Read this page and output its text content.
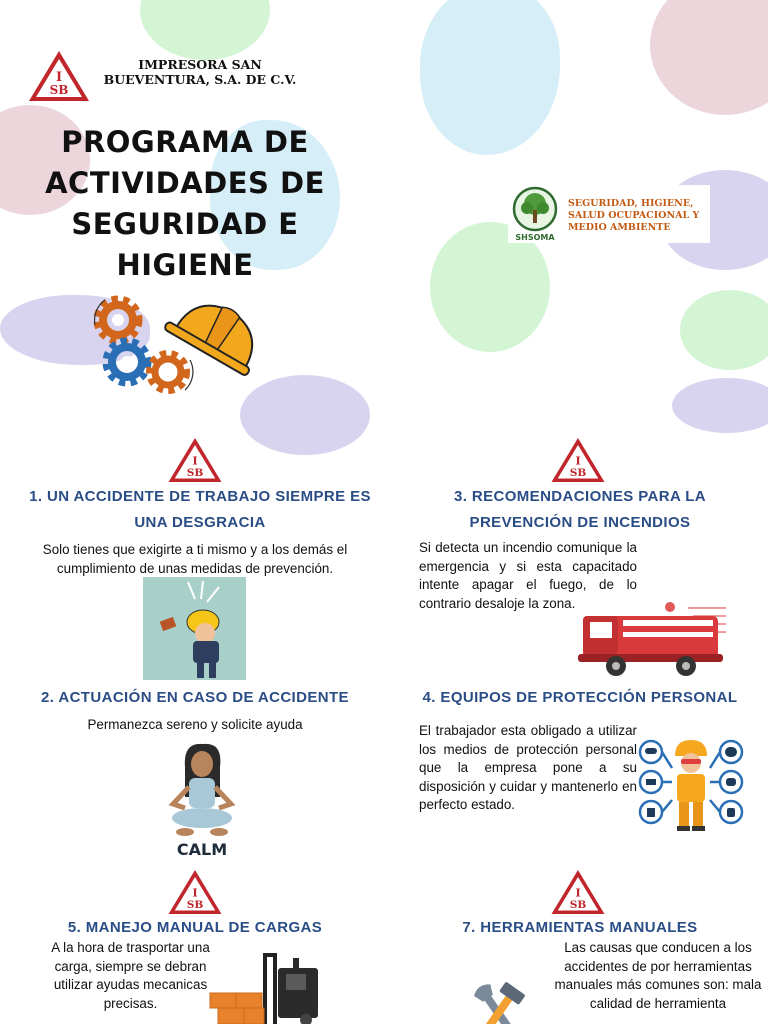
I
SB
IMPRESORA SAN BUEVENTURA, S.A. DE C.V.
PROGRAMA DE ACTIVIDADES DE SEGURIDAD E HIGIENE
SHSOMA
SEGURIDAD, HIGIENE, SALUD OCUPACIONAL Y MEDIO AMBIENTE
I
SB
I
SB
I
SB
I
SB
1. UN ACCIDENTE DE TRABAJO SIEMPRE ES UNA DESGRACIA
Solo tienes que exigirte a ti mismo y a los demás el cumplimiento de unas medidas de prevención.
2. ACTUACIÓN EN CASO DE ACCIDENTE
Permanezca sereno y solicite ayuda
CALM
3. RECOMENDACIONES PARA LA PREVENCIÓN DE INCENDIOS
Si detecta un incendio comunique la emergencia y si esta capacitado intente apagar el fuego, de lo contrario desaloje la zona.
4. EQUIPOS DE PROTECCIÓN PERSONAL
El trabajador esta obligado a utilizar los medios de protección personal que la empresa pone a su disposición y cuidar y mantenerlo en perfecto estado.
5. MANEJO MANUAL DE CARGAS
A la hora de trasportar una carga, siempre se debran utilizar ayudas mecanicas precisas.
7. HERRAMIENTAS MANUALES
Las causas que conducen a los accidentes de por herramientas manuales más comunes son: mala calidad de herramienta
